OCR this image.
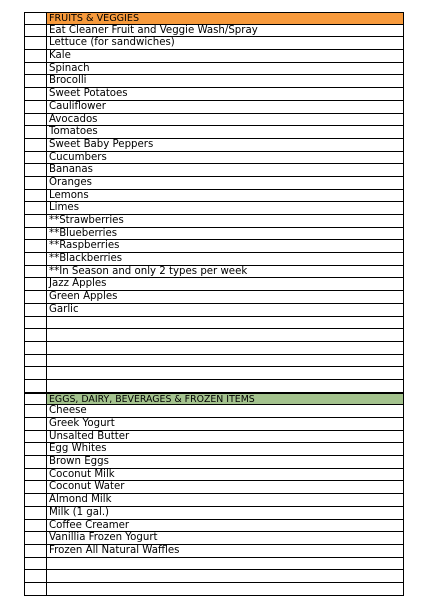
FRUITS & VEGGIES
Eat Cleaner Fruit and Veggie Wash/Spray
Lettuce (for sandwiches)
Kale
Spinach
Brocolli
Sweet Potatoes
Cauliflower
Avocados
Tomatoes
Sweet Baby Peppers
Cucumbers
Bananas
Oranges
Lemons
Limes
**Strawberries
**Blueberries
**Raspberries
**Blackberries
**In Season and only 2 types per week
Jazz Apples
Green Apples
Garlic
EGGS, DAIRY, BEVERAGES & FROZEN ITEMS
Cheese
Greek Yogurt
Unsalted Butter
Egg Whites
Brown Eggs
Coconut Milk
Coconut Water
Almond Milk
Milk (1 gal.)
Coffee Creamer
Vanillia Frozen Yogurt
Frozen All Natural Waffles
